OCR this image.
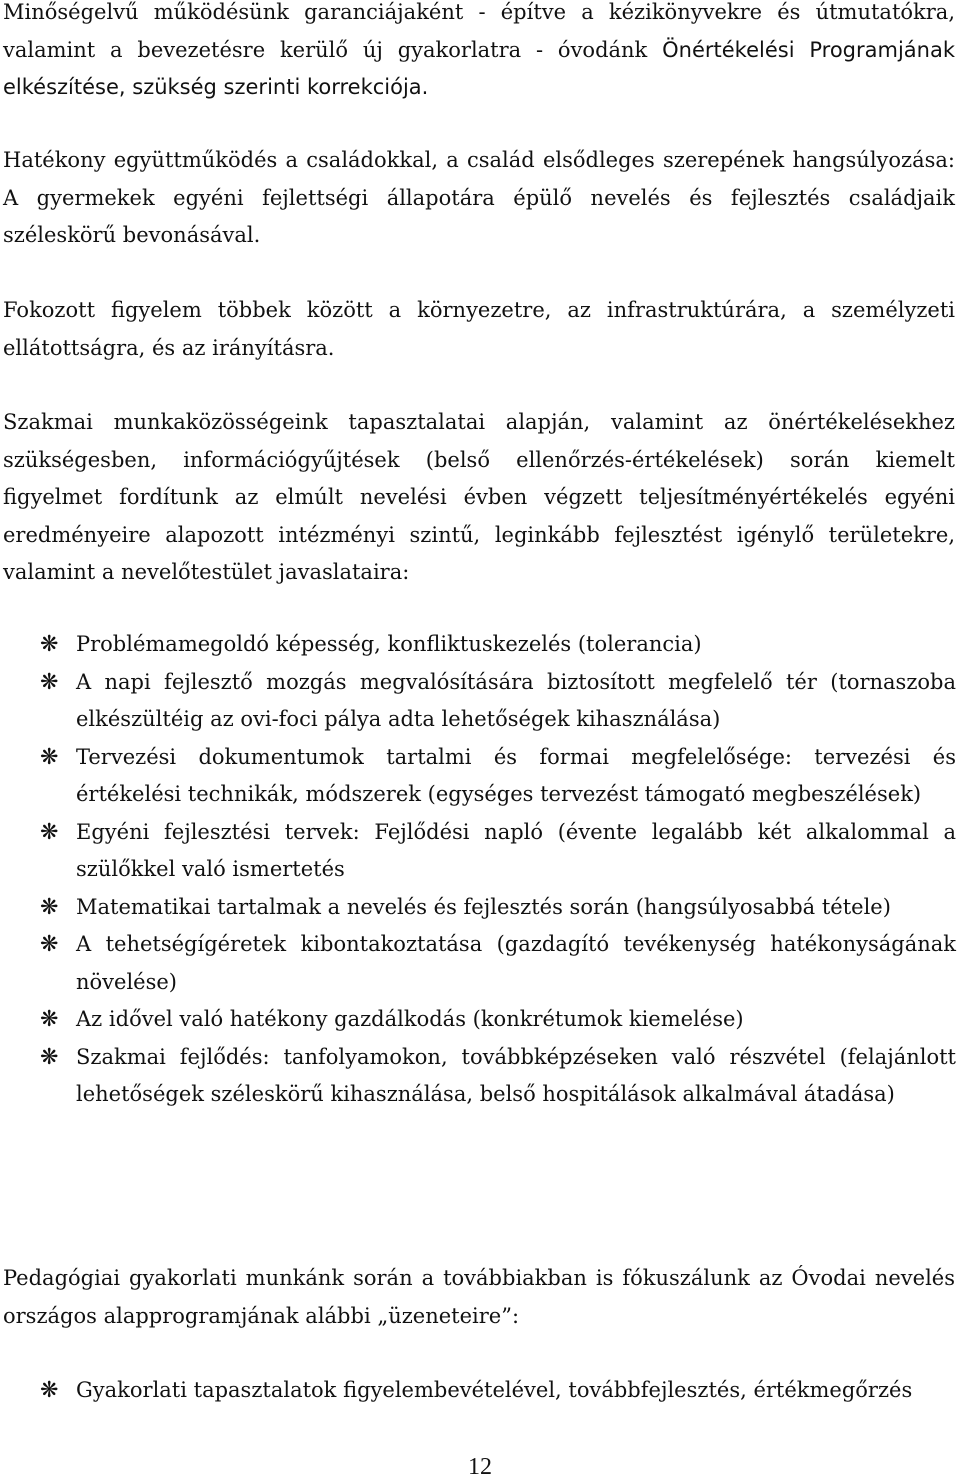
Minőségelvű működésünk garanciájaként - építve a kézikönyvekre és útmutatókra, valamint a bevezetésre kerülő új gyakorlatra - óvodánk Önértékelési Programjának elkészítése, szükség szerinti korrekciója.

Hatékony együttműködés a családokkal, a család elsődleges szerepének hangsúlyozása: A gyermekek egyéni fejlettségi állapotára épülő nevelés és fejlesztés családjaik széleskörű bevonásával.

Fokozott figyelem többek között a környezetre, az infrastruktúrára, a személyzeti ellátottságra, és az irányításra.

Szakmai munkaközösségeink tapasztalatai alapján, valamint az önértékelésekhez szükségesben, információgyűjtések (belső ellenőrzés-értékelések) során kiemelt figyelmet fordítunk az elmúlt nevelési évben végzett teljesítményértékelés egyéni eredményeire alapozott intézményi szintű, leginkább fejlesztést igénylő területekre, valamint a nevelőtestület javaslataira:

❋ Problémamegoldó képesség, konfliktuskezelés (tolerancia)
❋ A napi fejlesztő mozgás megvalósítására biztosított megfelelő tér (tornaszoba elkészültéig az ovi-foci pálya adta lehetőségek kihasználása)
❋ Tervezési dokumentumok tartalmi és formai megfelelősége: tervezési és értékelési technikák, módszerek (egységes tervezést támogató megbeszélések)
❋ Egyéni fejlesztési tervek: Fejlődési napló (évente legalább két alkalommal a szülőkkel való ismertetés
❋ Matematikai tartalmak a nevelés és fejlesztés során (hangsúlyosabbá tétele)
❋ A tehetségígéretek kibontakoztatása (gazdagító tevékenység hatékonyságának növelése)
❋ Az idővel való hatékony gazdálkodás (konkrétumok kiemelése)
❋ Szakmai fejlődés: tanfolyamokon, továbbképzéseken való részvétel (felajánlott lehetőségek széleskörű kihasználása, belső hospitálások alkalmával átadása)

Pedagógiai gyakorlati munkánk során a továbbiakban is fókuszálunk az Óvodai nevelés országos alapprogramjának alábbi „üzeneteire”:

❋ Gyakorlati tapasztalatok figyelembevételével, továbbfejlesztés, értékmegőrzés
12
